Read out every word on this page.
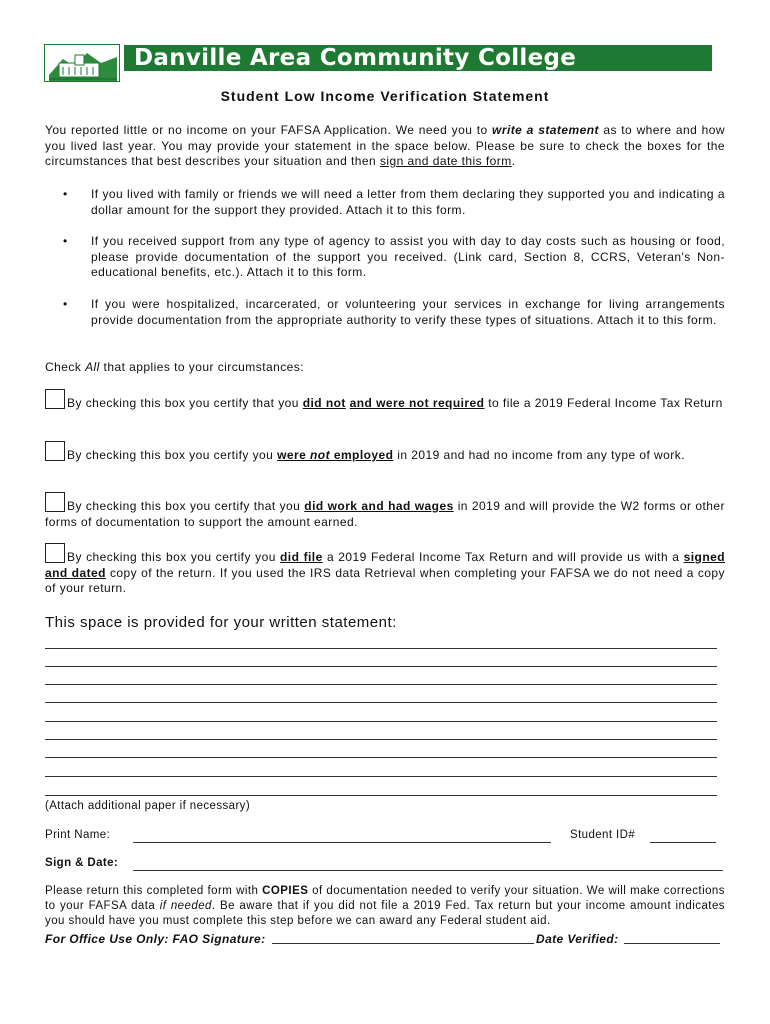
Danville Area Community College
Student Low Income Verification Statement
You reported little or no income on your FAFSA Application. We need you to write a statement as to where and how you lived last year. You may provide your statement in the space below. Please be sure to check the boxes for the circumstances that best describes your situation and then sign and date this form.
• If you lived with family or friends we will need a letter from them declaring they supported you and indicating a dollar amount for the support they provided. Attach it to this form.
• If you received support from any type of agency to assist you with day to day costs such as housing or food, please provide documentation of the support you received. (Link card, Section 8, CCRS, Veteran's Non-educational benefits, etc.). Attach it to this form.
• If you were hospitalized, incarcerated, or volunteering your services in exchange for living arrangements provide documentation from the appropriate authority to verify these types of situations. Attach it to this form.
Check All that applies to your circumstances:
By checking this box you certify that you did not and were not required to file a 2019 Federal Income Tax Return
By checking this box you certify you were not employed in 2019 and had no income from any type of work.
By checking this box you certify that you did work and had wages in 2019 and will provide the W2 forms or other forms of documentation to support the amount earned.
By checking this box you certify you did file a 2019 Federal Income Tax Return and will provide us with a signed and dated copy of the return. If you used the IRS data Retrieval when completing your FAFSA we do not need a copy of your return.
This space is provided for your written statement:
(Attach additional paper if necessary)
Print Name:	Student ID#
Sign & Date:
Please return this completed form with COPIES of documentation needed to verify your situation. We will make corrections to your FAFSA data if needed. Be aware that if you did not file a 2019 Fed. Tax return but your income amount indicates you should have you must complete this step before we can award any Federal student aid.
For Office Use Only: FAO Signature:	Date Verified:
